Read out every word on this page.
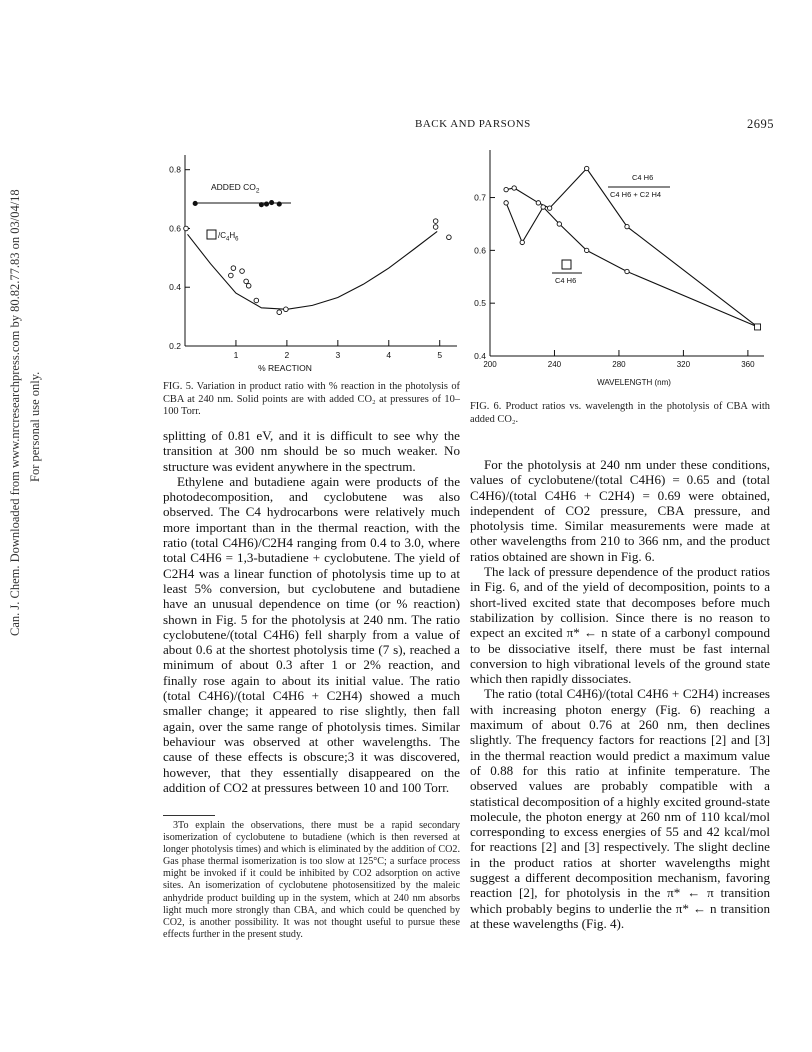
Can. J. Chem. Downloaded from www.nrcresearchpress.com by 80.82.77.83 on 03/04/18 For personal use only.
BACK AND PARSONS	2695
0.8
0.6
0.4
0.2
1	2	3	4	5
ADDED $CO_2$
$/C_4H_6$
% REACTION
FIG. 5. Variation in product ratio with % reaction in the photolysis of CBA at 240 nm. Solid points are with added CO₂ at pressures of 10–100 Torr.
0.7
0.6
0.5
0.4
200	240	280	320	360
C4 H6
C4 H6 + C2 H4
C4 H6
WAVELENGTH (nm)
FIG. 6. Product ratios vs. wavelength in the photolysis of CBA with added CO₂.

splitting of 0.81 eV, and it is difficult to see why the transition at 300 nm should be so much weaker. No structure was evident anywhere in the spectrum.

Ethylene and butadiene again were products of the photodecomposition, and cyclobutene was also observed. The C4 hydrocarbons were relatively much more important than in the thermal reaction, with the ratio (total C4H6)/C2H4 ranging from 0.4 to 3.0, where total C4H6 = 1,3-butadiene + cyclobutene. The yield of C2H4 was a linear function of photolysis time up to at least 5% conversion, but cyclobutene and butadiene have an unusual dependence on time (or % reaction) shown in Fig. 5 for the photolysis at 240 nm. The ratio cyclobutene/(total C4H6) fell sharply from a value of about 0.6 at the shortest photolysis time (7 s), reached a minimum of about 0.3 after 1 or 2% reaction, and finally rose again to about its initial value. The ratio (total C4H6)/(total C4H6 + C2H4) showed a much smaller change; it appeared to rise slightly, then fall again, over the same range of photolysis times. Similar behaviour was observed at other wavelengths. The cause of these effects is obscure;3 it was discovered, however, that they essentially disappeared on the addition of CO2 at pressures between 10 and 100 Torr.

3To explain the observations, there must be a rapid secondary isomerization of cyclobutene to butadiene (which is then reversed at longer photolysis times) and which is eliminated by the addition of CO2. Gas phase thermal isomerization is too slow at 125°C; a surface process might be invoked if it could be inhibited by CO2 adsorption on active sites. An isomerization of cyclobutene photosensitized by the maleic anhydride product building up in the system, which at 240 nm absorbs light much more strongly than CBA, and which could be quenched by CO2, is another possibility. It was not thought useful to pursue these effects further in the present study.

For the photolysis at 240 nm under these conditions, values of cyclobutene/(total C4H6) = 0.65 and (total C4H6)/(total C4H6 + C2H4) = 0.69 were obtained, independent of CO2 pressure, CBA pressure, and photolysis time. Similar measurements were made at other wavelengths from 210 to 366 nm, and the product ratios obtained are shown in Fig. 6.

The lack of pressure dependence of the product ratios in Fig. 6, and of the yield of decomposition, points to a short-lived excited state that decomposes before much stabilization by collision. Since there is no reason to expect an excited π* ← n state of a carbonyl compound to be dissociative itself, there must be fast internal conversion to high vibrational levels of the ground state which then rapidly dissociates.

The ratio (total C4H6)/(total C4H6 + C2H4) increases with increasing photon energy (Fig. 6) reaching a maximum of about 0.76 at 260 nm, then declines slightly. The frequency factors for reactions [2] and [3] in the thermal reaction would predict a maximum value of 0.88 for this ratio at infinite temperature. The observed values are probably compatible with a statistical decomposition of a highly excited ground-state molecule, the photon energy at 260 nm of 110 kcal/mol corresponding to excess energies of 55 and 42 kcal/mol for reactions [2] and [3] respectively. The slight decline in the product ratios at shorter wavelengths might suggest a different decomposition mechanism, favoring reaction [2], for photolysis in the π* ← π transition which probably begins to underlie the π* ← n transition at these wavelengths (Fig. 4).
